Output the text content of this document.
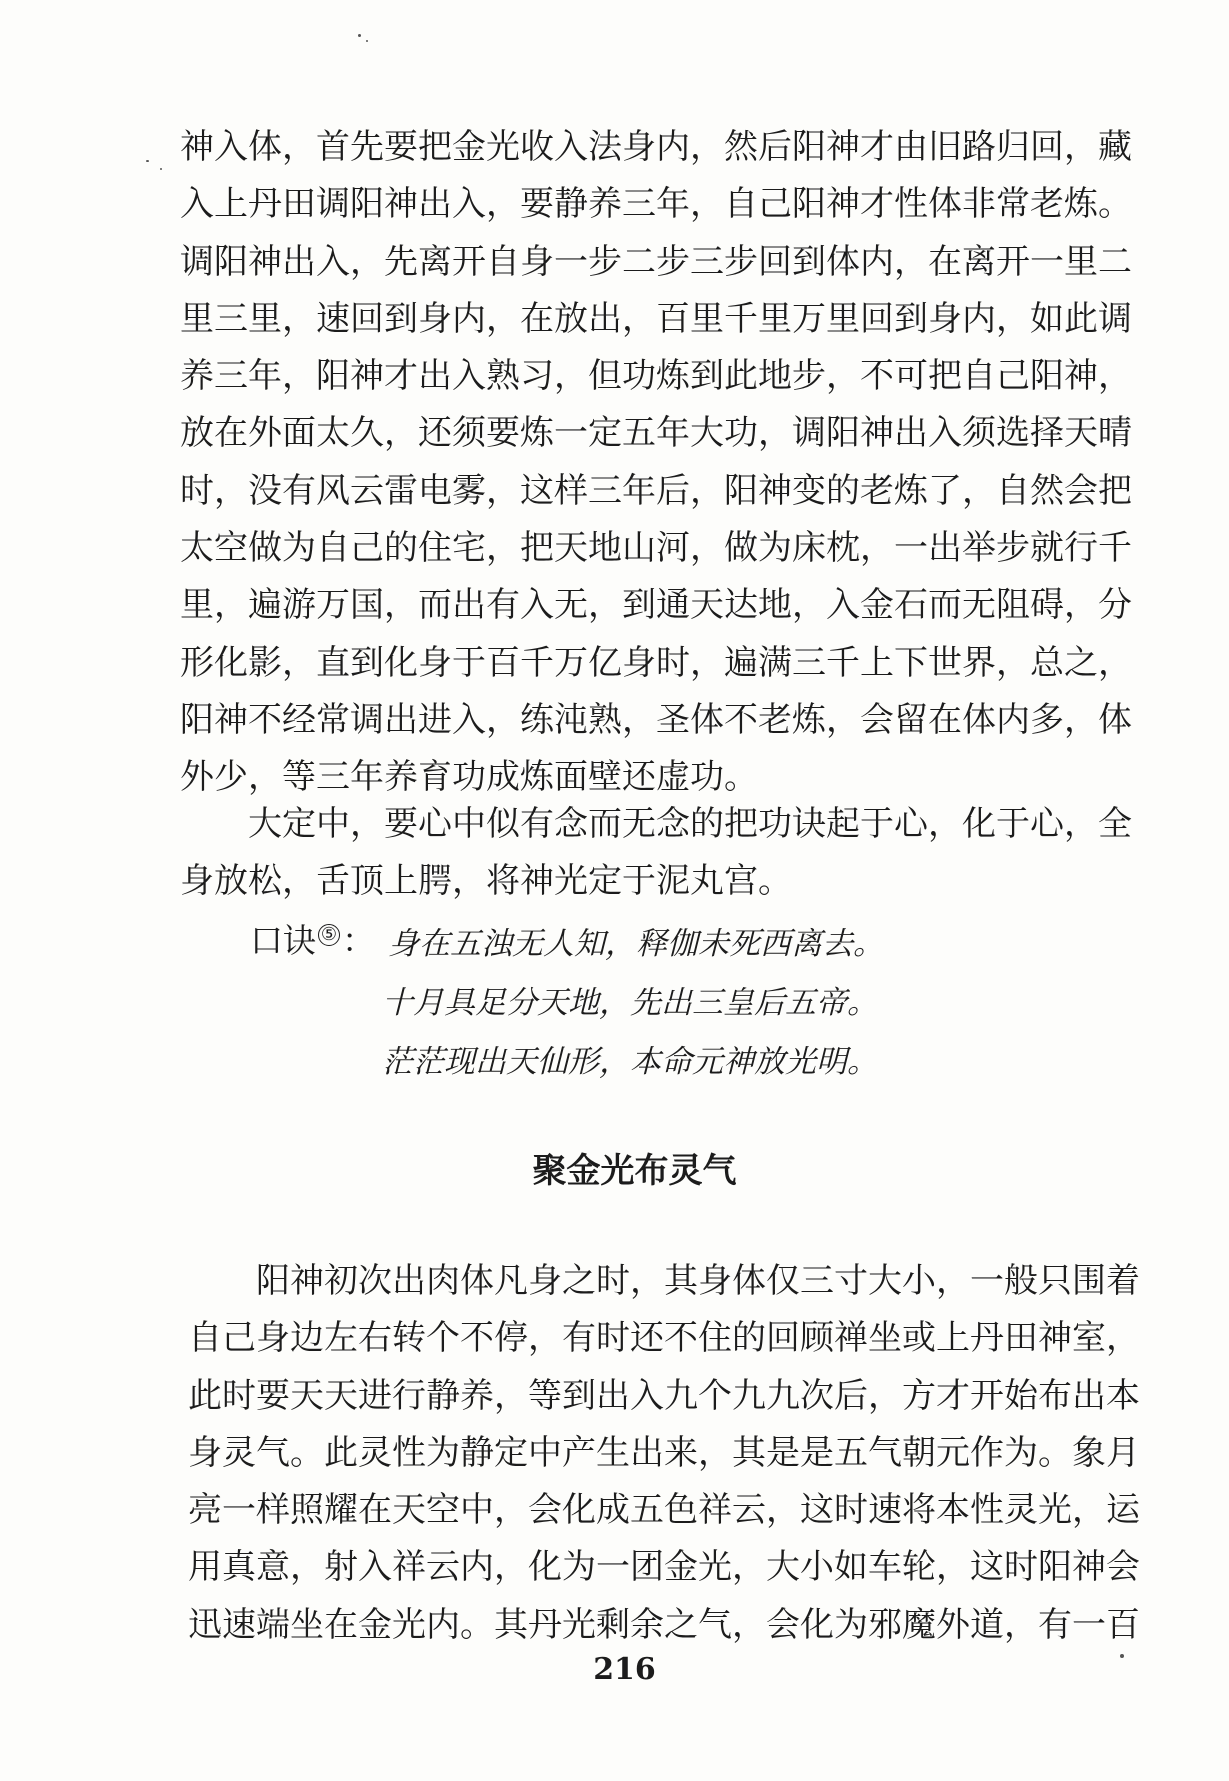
神入体，首先要把金光收入法身内，然后阳神才由旧路归回，藏
入上丹田调阳神出入，要静养三年，自己阳神才性体非常老炼。
调阳神出入，先离开自身一步二步三步回到体内，在离开一里二
里三里，速回到身内，在放出，百里千里万里回到身内，如此调
养三年，阳神才出入熟习，但功炼到此地步，不可把自己阳神，
放在外面太久，还须要炼一定五年大功，调阳神出入须选择天晴
时，没有风云雷电雾，这样三年后，阳神变的老炼了，自然会把
太空做为自己的住宅，把天地山河，做为床枕，一出举步就行千
里，遍游万国，而出有入无，到通天达地，入金石而无阻碍，分
形化影，直到化身于百千万亿身时，遍满三千上下世界，总之，
阳神不经常调出进入，练沌熟，圣体不老炼，会留在体内多，体
外少，等三年养育功成炼面壁还虚功。
大定中，要心中似有念而无念的把功诀起于心，化于心，全
身放松，舌顶上腭，将神光定于泥丸宫。
口诀 ⑤ ： 身在五浊无人知，释伽未死西离去。
十月具足分天地，先出三皇后五帝。
茫茫现出天仙形，本命元神放光明。
聚金光布灵气
阳神初次出肉体凡身之时，其身体仅三寸大小，一般只围着
自己身边左右转个不停，有时还不住的回顾禅坐或上丹田神室，
此时要天天进行静养，等到出入九个九九次后，方才开始布出本
身灵气。此灵性为静定中产生出来，其是是五气朝元作为。象月
亮一样照耀在天空中，会化成五色祥云，这时速将本性灵光，运
用真意，射入祥云内，化为一团金光，大小如车轮，这时阳神会
迅速端坐在金光内。其丹光剩余之气，会化为邪魔外道，有一百
216
